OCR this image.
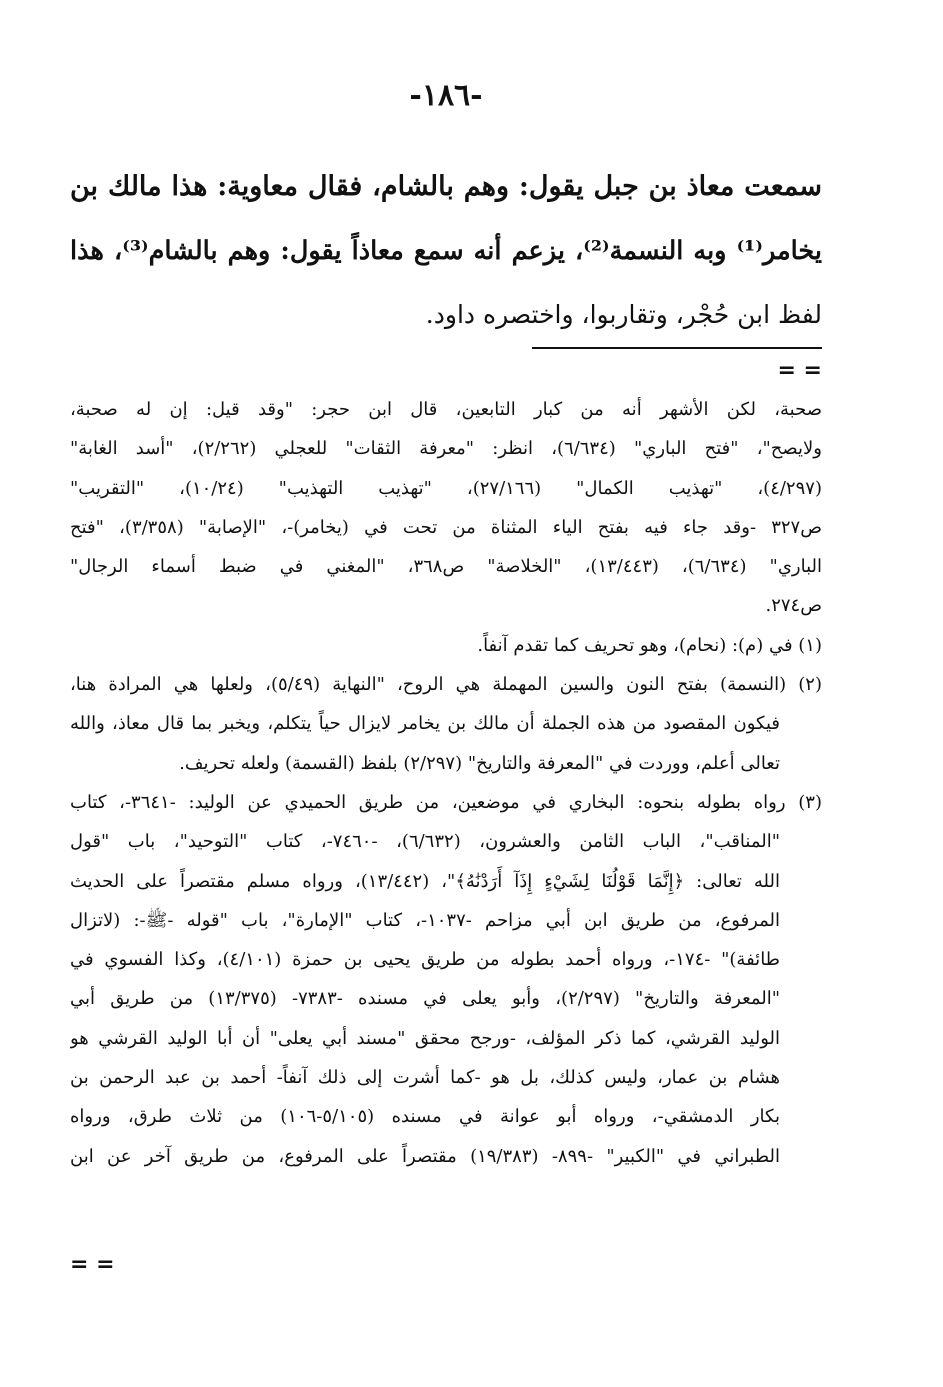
-١٨٦-
سمعت معاذ بن جبل يقول: وهم بالشام، فقال معاوية: هذا مالك بن
يخامر⁽¹⁾ وبه النسمة⁽²⁾، يزعم أنه سمع معاذاً يقول: وهم بالشام⁽³⁾، هذا
لفظ ابن حُجْر، وتقاربوا، واختصره داود.
= =
صحبة، لكن الأشهر أنه من كبار التابعين، قال ابن حجر: "وقد قيل: إن له صحبة،
ولايصح"، "فتح الباري" (٦/٦٣٤)، انظر: "معرفة الثقات" للعجلي (٢/٢٦٢)، "أسد الغابة"
(٤/٢٩٧)، "تهذيب الكمال" (٢٧/١٦٦)، "تهذيب التهذيب" (١٠/٢٤)، "التقريب"
ص٣٢٧ -وقد جاء فيه بفتح الياء المثناة من تحت في (يخامر)-، "الإصابة" (٣/٣٥٨)، "فتح
الباري" (٦/٦٣٤)، (١٣/٤٤٣)، "الخلاصة" ص٣٦٨، "المغني في ضبط أسماء الرجال"
ص٢٧٤.
(١) في (م): (نحام)، وهو تحريف كما تقدم آنفاً.
(٢) (النسمة) بفتح النون والسين المهملة هي الروح، "النهاية (٥/٤٩)، ولعلها هي المرادة هنا،
فيكون المقصود من هذه الجملة أن مالك بن يخامر لايزال حياً يتكلم، ويخبر بما قال معاذ، والله
تعالى أعلم، ووردت في "المعرفة والتاريخ" (٢/٢٩٧) بلفظ (القسمة) ولعله تحريف.
(٣) رواه بطوله بنحوه: البخاري في موضعين، من طريق الحميدي عن الوليد: -٣٦٤١-، كتاب
"المناقب"، الباب الثامن والعشرون، (٦/٦٣٢)، -٧٤٦٠-، كتاب "التوحيد"، باب "قول
الله تعالى: ﴿إِنَّمَا قَوْلُنَا لِشَيْءٍ إِذَآ أَرَدْنَٰهُ﴾"، (١٣/٤٤٢)، ورواه مسلم مقتصراً على الحديث
المرفوع، من طريق ابن أبي مزاحم -١٠٣٧-، كتاب "الإمارة"، باب "قوله -ﷺ-: (لاتزال
طائفة)" -١٧٤-، ورواه أحمد بطوله من طريق يحيى بن حمزة (٤/١٠١)، وكذا الفسوي في
"المعرفة والتاريخ" (٢/٢٩٧)، وأبو يعلى في مسنده -٧٣٨٣- (١٣/٣٧٥) من طريق أبي
الوليد القرشي، كما ذكر المؤلف، -ورجح محقق "مسند أبي يعلى" أن أبا الوليد القرشي هو
هشام بن عمار، وليس كذلك، بل هو -كما أشرت إلى ذلك آنفاً- أحمد بن عبد الرحمن بن
بكار الدمشقي-، ورواه أبو عوانة في مسنده (٥/١٠٥-١٠٦) من ثلاث طرق، ورواه
الطبراني في "الكبير" -٨٩٩- (١٩/٣٨٣) مقتصراً على المرفوع، من طريق آخر عن ابن
= =
